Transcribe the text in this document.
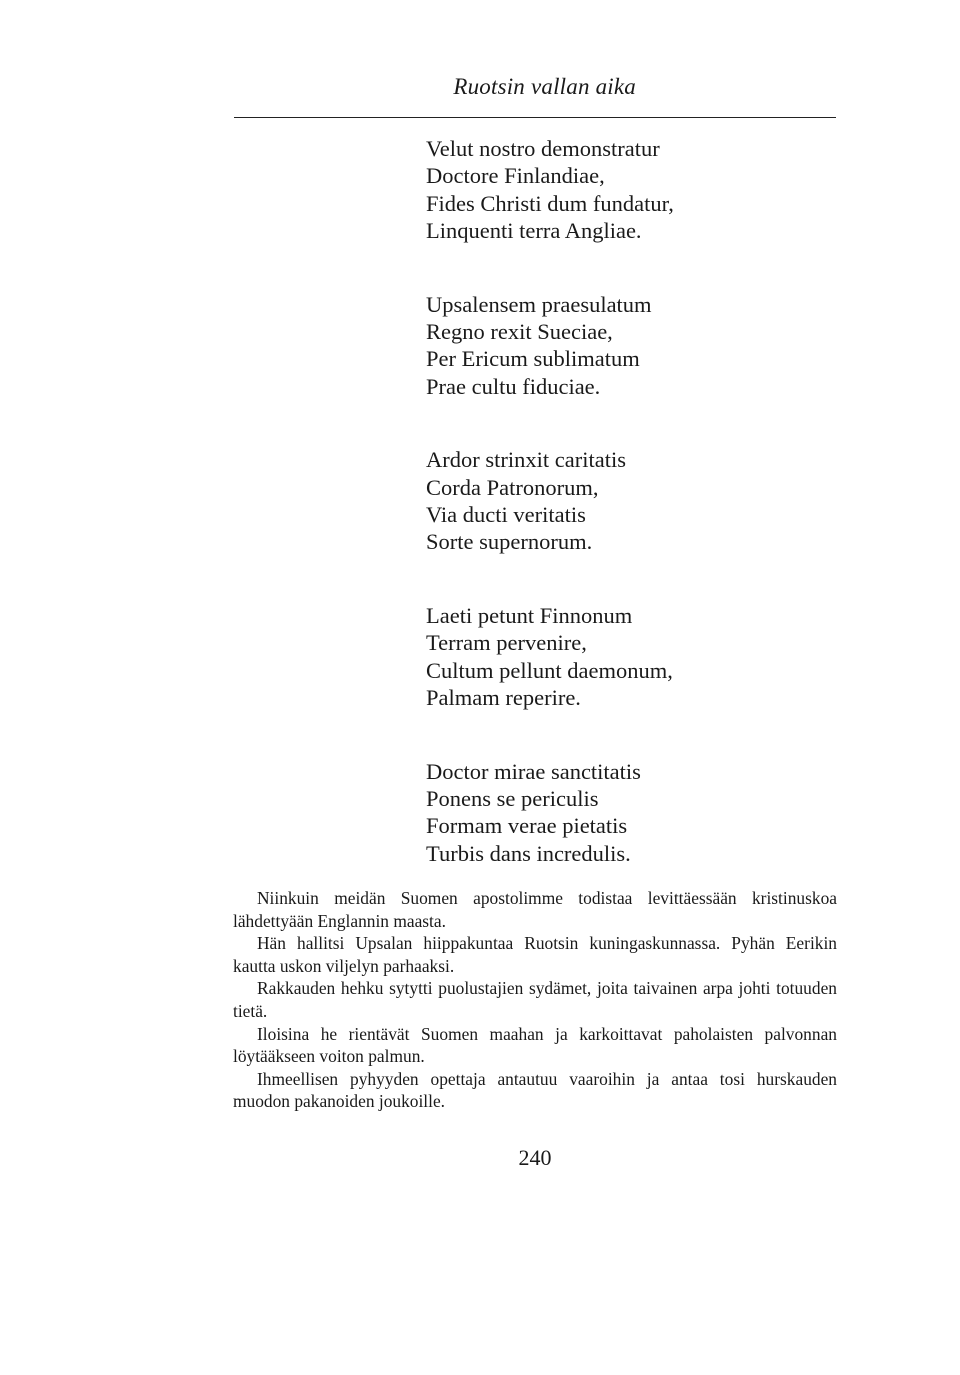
Ruotsin vallan aika
Velut nostro demonstratur
Doctore Finlandiae,
Fides Christi dum fundatur,
Linquenti terra Angliae.
Upsalensem praesulatum
Regno rexit Sueciae,
Per Ericum sublimatum
Prae cultu fiduciae.
Ardor strinxit caritatis
Corda Patronorum,
Via ducti veritatis
Sorte supernorum.
Laeti petunt Finnonum
Terram pervenire,
Cultum pellunt daemonum,
Palmam reperire.
Doctor mirae sanctitatis
Ponens se periculis
Formam verae pietatis
Turbis dans incredulis.

Niinkuin meidän Suomen apostolimme todistaa levittäessään kristinuskoa lähdettyään Englannin maasta.

Hän hallitsi Upsalan hiippakuntaa Ruotsin kuningaskunnassa. Pyhän Eerikin kautta uskon viljelyn parhaaksi.

Rakkauden hehku sytytti puolustajien sydämet, joita taivainen arpa johti totuuden tietä.

Iloisina he rientävät Suomen maahan ja karkoittavat paholaisten palvonnan löytääkseen voiton palmun.

Ihmeellisen pyhyyden opettaja antautuu vaaroihin ja antaa tosi hurskauden muodon pakanoiden joukoille.

240
